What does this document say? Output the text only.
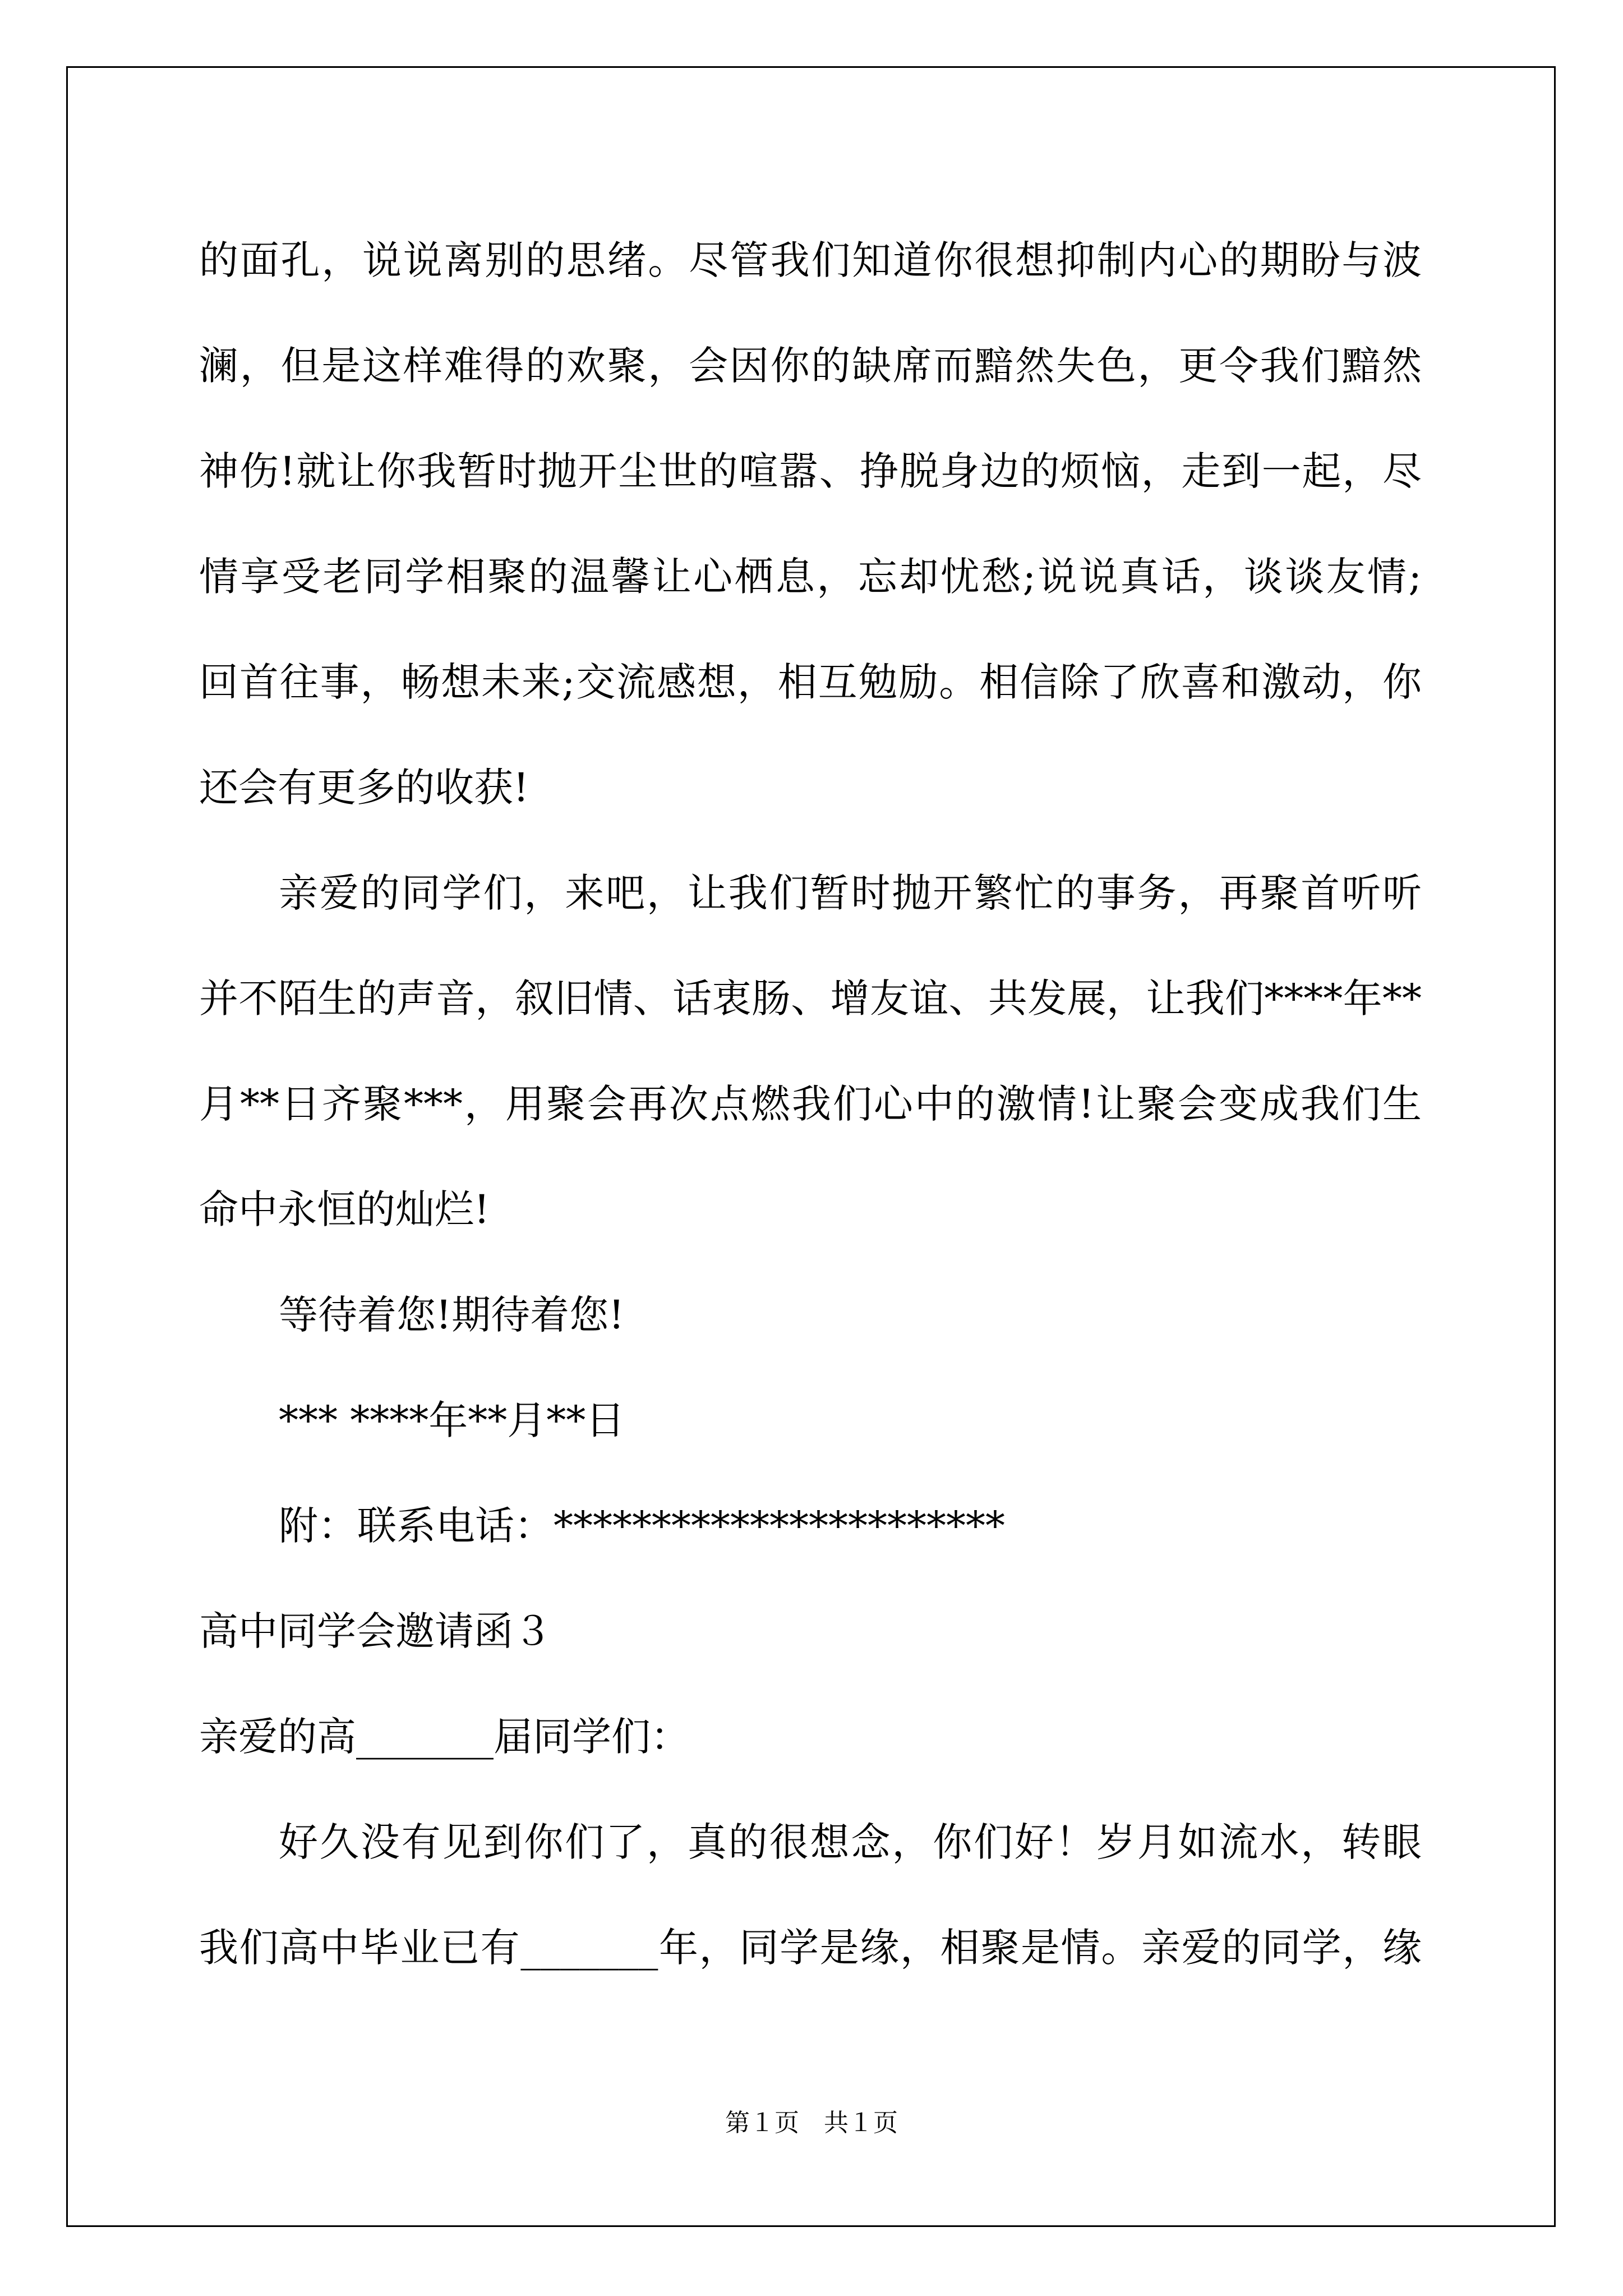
的面孔，说说离别的思绪。尽管我们知道你很想抑制内心的期盼与波
澜，但是这样难得的欢聚，会因你的缺席而黯然失色，更令我们黯然
神伤!就让你我暂时抛开尘世的喧嚣、挣脱身边的烦恼，走到一起，尽
情享受老同学相聚的温馨让心栖息，忘却忧愁;说说真话，谈谈友情;
回首往事，畅想未来;交流感想，相互勉励。相信除了欣喜和激动，你
还会有更多的收获!
亲爱的同学们，来吧，让我们暂时抛开繁忙的事务，再聚首听听
并不陌生的声音，叙旧情、话衷肠、增友谊、共发展，让我们****年**
月**日齐聚***，用聚会再次点燃我们心中的激情!让聚会变成我们生
命中永恒的灿烂!
等待着您!期待着您!
*** ****年**月**日
附：联系电话：***********************
高中同学会邀请函３
亲爱的高_______届同学们：
好久没有见到你们了，真的很想念，你们好！岁月如流水，转眼
我们高中毕业已有_______年，同学是缘，相聚是情。亲爱的同学，缘
第１页　共１页
